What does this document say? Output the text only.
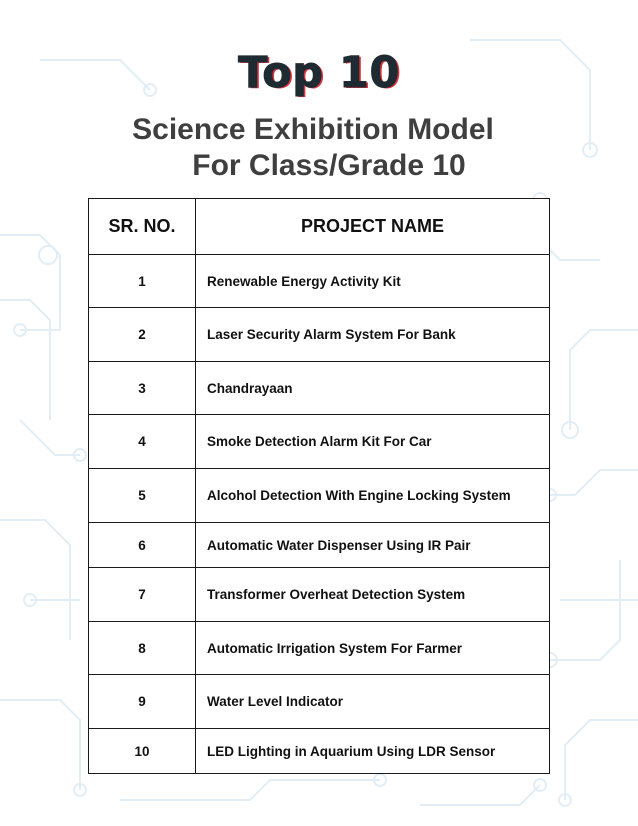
Top 10
Science Exhibition Model
For Class/Grade 10
SR. NO.	PROJECT NAME
1	Renewable Energy Activity Kit
2	Laser Security Alarm System For Bank
3	Chandrayaan
4	Smoke Detection Alarm Kit For Car
5	Alcohol Detection With Engine Locking System
6	Automatic Water Dispenser Using IR Pair
7	Transformer Overheat Detection System
8	Automatic Irrigation System For Farmer
9	Water Level Indicator
10	LED Lighting in Aquarium Using LDR Sensor
